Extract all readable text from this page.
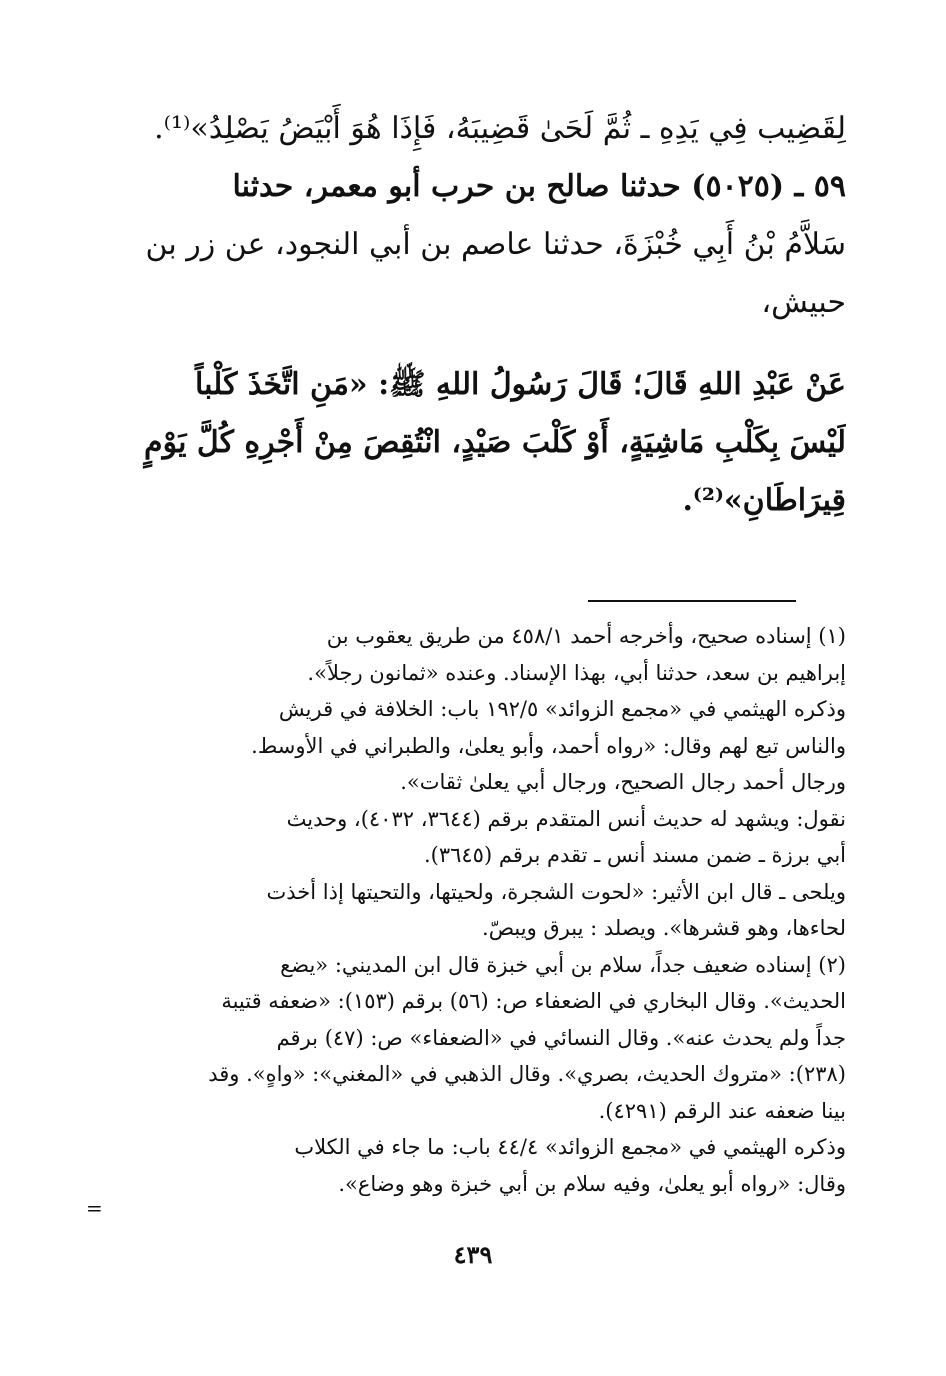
لِقَضِيب فِي يَدِهِ ـ ثُمَّ لَحَىٰ قَضِيبَهُ، فَإِذَا هُوَ أَبْيَضُ يَصْلِدُ»⁽¹⁾.
٥٩ ـ (٥٠٢٥) حدثنا صالح بن حرب أبو معمر، حدثنا
سَلاَّمُ بْنُ أَبِي خُبْزَةَ، حدثنا عاصم بن أبي النجود، عن زر بن
حبيش،
عَنْ عَبْدِ اللهِ قَالَ؛ قَالَ رَسُولُ اللهِ ﷺ: «مَنِ اتَّخَذَ كَلْباً
لَيْسَ بِكَلْبِ مَاشِيَةٍ، أَوْ كَلْبَ صَيْدٍ، انْتُقِصَ مِنْ أَجْرِهِ كُلَّ يَوْمٍ
قِيرَاطَانِ»⁽²⁾.
(١) إسناده صحيح، وأخرجه أحمد ٤٥٨/١ من طريق يعقوب بن
إبراهيم بن سعد، حدثنا أبي، بهذا الإسناد. وعنده «ثمانون رجلاً».
وذكره الهيثمي في «مجمع الزوائد» ١٩٢/٥ باب: الخلافة في قريش
والناس تبع لهم وقال: «رواه أحمد، وأبو يعلىٰ، والطبراني في الأوسط.
ورجال أحمد رجال الصحيح، ورجال أبي يعلىٰ ثقات».
نقول: ويشهد له حديث أنس المتقدم برقم (٣٦٤٤، ٤٠٣٢)، وحديث
أبي برزة ـ ضمن مسند أنس ـ تقدم برقم (٣٦٤٥).
ويلحى ـ قال ابن الأثير: «لحوت الشجرة، ولحيتها، والتحيتها إذا أخذت
لحاءها، وهو قشرها». ويصلد : يبرق ويبصّ.
(٢) إسناده ضعيف جداً، سلام بن أبي خبزة قال ابن المديني: «يضع
الحديث». وقال البخاري في الضعفاء ص: (٥٦) برقم (١٥٣): «ضعفه قتيبة
جداً ولم يحدث عنه». وقال النسائي في «الضعفاء» ص: (٤٧) برقم
(٢٣٨): «متروك الحديث، بصري». وقال الذهبي في «المغني»: «واهٍ». وقد
بينا ضعفه عند الرقم (٤٢٩١).
وذكره الهيثمي في «مجمع الزوائد» ٤٤/٤ باب: ما جاء في الكلاب
وقال: «رواه أبو يعلىٰ، وفيه سلام بن أبي خبزة وهو وضاع».
=
٤٣٩
